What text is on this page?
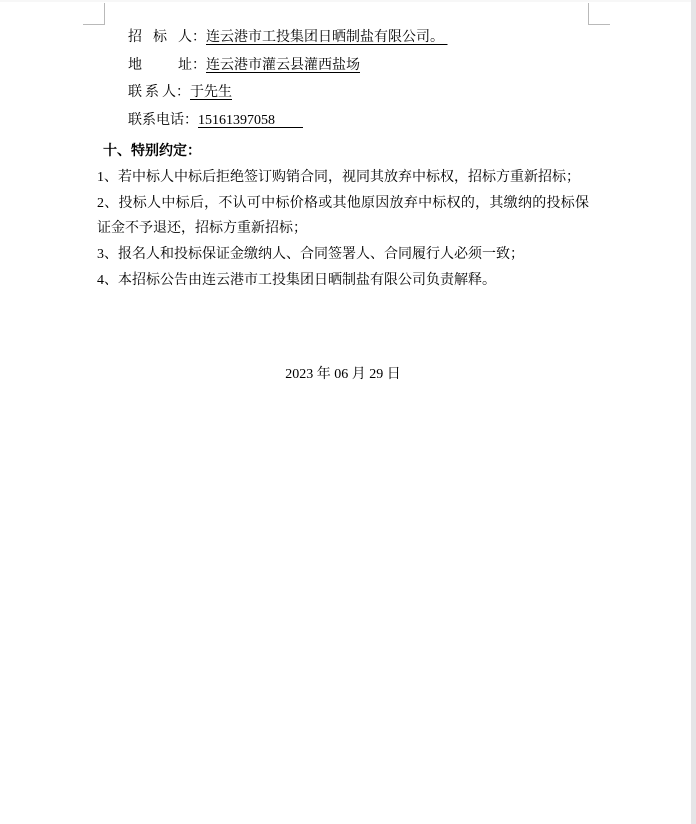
招标人：连云港市工投集团日晒制盐有限公司。
地址：连云港市灌云县灌西盐场
联系人：于先生
联系电话：15161397058
十、特别约定：
1、若中标人中标后拒绝签订购销合同，视同其放弃中标权，招标方重新招标；
2、投标人中标后，不认可中标价格或其他原因放弃中标权的，其缴纳的投标保证金不予退还，招标方重新招标；
3、报名人和投标保证金缴纳人、合同签署人、合同履行人必须一致；
4、本招标公告由连云港市工投集团日晒制盐有限公司负责解释。
2023 年 06 月 29 日
